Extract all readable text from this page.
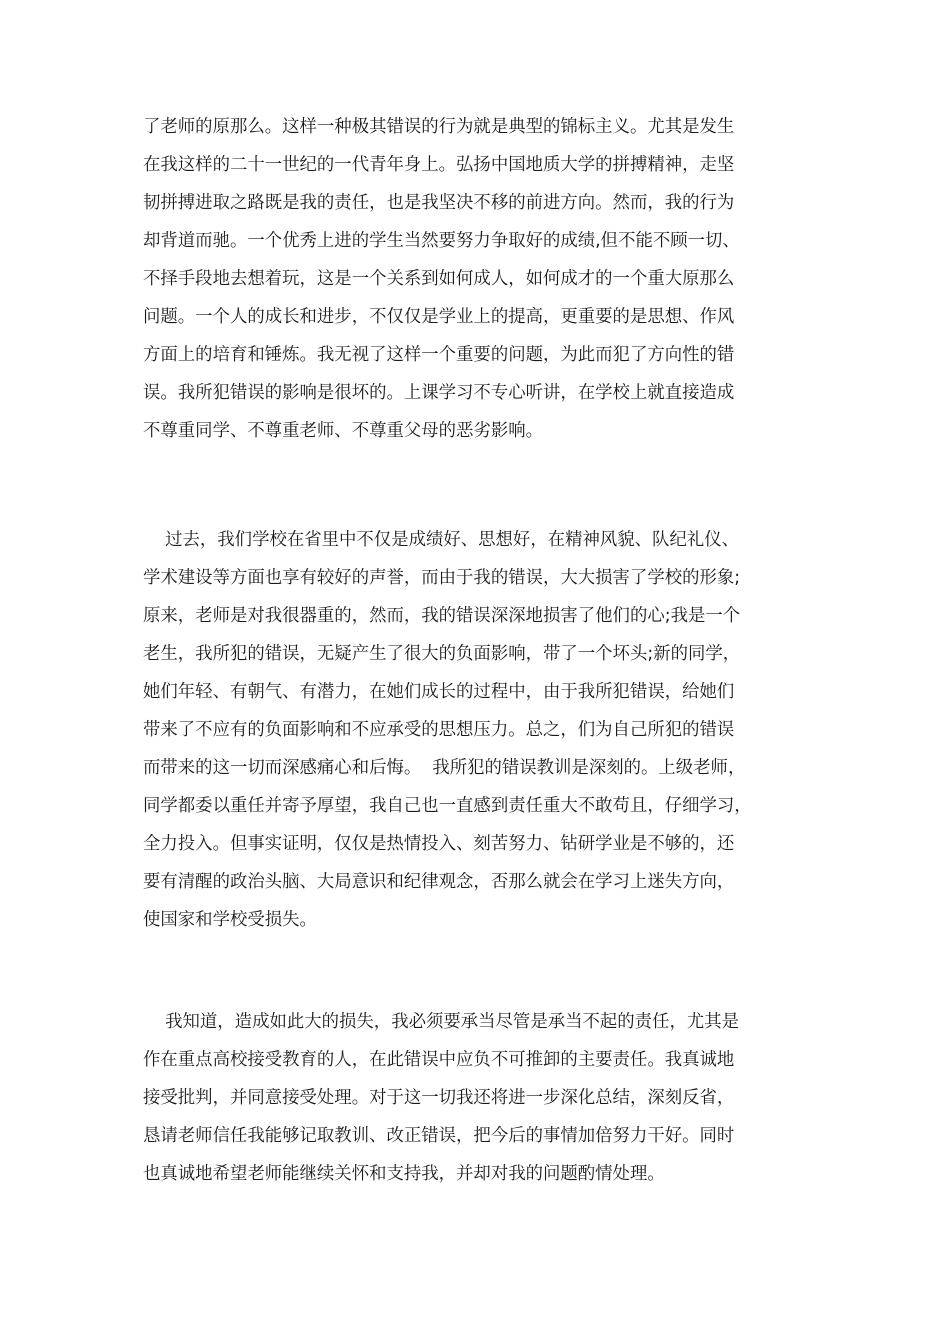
了老师的原那么。这样一种极其错误的行为就是典型的锦标主义。尤其是发生

在我这样的二十一世纪的一代青年身上。弘扬中国地质大学的拼搏精神，走坚

韧拼搏进取之路既是我的责任，也是我坚决不移的前进方向。然而，我的行为

却背道而驰。一个优秀上进的学生当然要努力争取好的成绩,但不能不顾一切、

不择手段地去想着玩，这是一个关系到如何成人，如何成才的一个重大原那么

问题。一个人的成长和进步，不仅仅是学业上的提高，更重要的是思想、作风

方面上的培育和锤炼。我无视了这样一个重要的问题，为此而犯了方向性的错

误。我所犯错误的影响是很坏的。上课学习不专心听讲，在学校上就直接造成

不尊重同学、不尊重老师、不尊重父母的恶劣影响。

过去，我们学校在省里中不仅是成绩好、思想好，在精神风貌、队纪礼仪、

学术建设等方面也享有较好的声誉，而由于我的错误，大大损害了学校的形象;

原来，老师是对我很器重的，然而，我的错误深深地损害了他们的心;我是一个

老生，我所犯的错误，无疑产生了很大的负面影响，带了一个坏头;新的同学，

她们年轻、有朝气、有潜力，在她们成长的过程中，由于我所犯错误，给她们

带来了不应有的负面影响和不应承受的思想压力。总之，们为自己所犯的错误

而带来的这一切而深感痛心和后悔。  我所犯的错误教训是深刻的。上级老师，

同学都委以重任并寄予厚望，我自己也一直感到责任重大不敢苟且，仔细学习，

全力投入。但事实证明，仅仅是热情投入、刻苦努力、钻研学业是不够的，还

要有清醒的政治头脑、大局意识和纪律观念，否那么就会在学习上迷失方向，

使国家和学校受损失。

我知道，造成如此大的损失，我必须要承当尽管是承当不起的责任，尤其是

作在重点高校接受教育的人，在此错误中应负不可推卸的主要责任。我真诚地

接受批判，并同意接受处理。对于这一切我还将进一步深化总结，深刻反省，

恳请老师信任我能够记取教训、改正错误，把今后的事情加倍努力干好。同时

也真诚地希望老师能继续关怀和支持我，并却对我的问题酌情处理。
